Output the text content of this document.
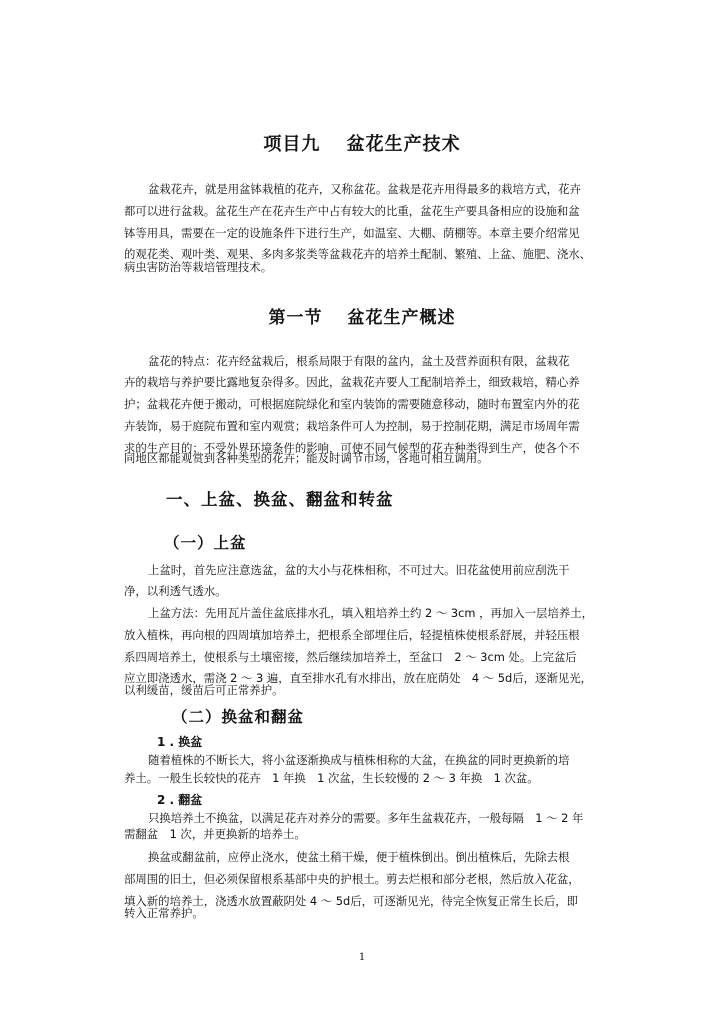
项目九　 盆花生产技术
盆栽花卉，就是用盆钵栽植的花卉，又称盆花。盆栽是花卉用得最多的栽培方式，花卉
都可以进行盆栽。盆花生产在花卉生产中占有较大的比重，盆花生产要具备相应的设施和盆
钵等用具，需要在一定的设施条件下进行生产，如温室、大棚、荫棚等。本章主要介绍常见
的观花类、观叶类、观果、多肉多浆类等盆栽花卉的培养土配制、繁殖、上盆、施肥、浇水、
病虫害防治等栽培管理技术。
第一节　 盆花生产概述
盆花的特点：花卉经盆栽后，根系局限于有限的盆内，盆土及营养面积有限，盆栽花
卉的栽培与养护要比露地复杂得多。因此，盆栽花卉要人工配制培养土，细致栽培，精心养
护；盆栽花卉便于搬动，可根据庭院绿化和室内装饰的需要随意移动，随时布置室内外的花
卉装饰，易于庭院布置和室内观赏；栽培条件可人为控制，易于控制花期，满足市场周年需
求的生产目的；不受外界环境条件的影响，可使不同气候型的花卉种类得到生产，使各个不
同地区都能观赏到各种类型的花卉；能及时调节市场，各地可相互调用。
一、上盆、换盆、翻盆和转盆
（一）上盆
上盆时，首先应注意选盆，盆的大小与花株相称，不可过大。旧花盆使用前应刮洗干
净，以利透气透水。
上盆方法：先用瓦片盖住盆底排水孔，填入粗培养土约 2 ～ 3cm ，再加入一层培养土，
放入植株，再向根的四周填加培养土，把根系全部埋住后，轻提植株使根系舒展，并轻压根
系四周培养土，使根系与土壤密接，然后继续加培养土，至盆口　2 ～ 3cm 处。上完盆后
应立即浇透水，需浇 2 ～ 3 遍，直至排水孔有水排出，放在庇荫处　4 ～ 5d后，逐渐见光，
以利缓苗，缓苗后可正常养护。
（二）换盆和翻盆
1 . 换盆
随着植株的不断长大，将小盆逐渐换成与植株相称的大盆，在换盆的同时更换新的培
养土。一般生长较快的花卉　1 年换　1 次盆，生长较慢的 2 ～ 3 年换　1 次盆。
2 . 翻盆
只换培养土不换盆，以满足花卉对养分的需要。多年生盆栽花卉，一般每隔　1 ～ 2 年
需翻盆　1 次，并更换新的培养土。
换盆或翻盆前，应停止浇水，使盆土稍干燥，便于植株倒出。倒出植株后，先除去根
部周围的旧土，但必须保留根系基部中央的护根土。剪去烂根和部分老根，然后放入花盆，
填入新的培养土，浇透水放置蔽阴处 4 ～ 5d后，可逐渐见光，待完全恢复正常生长后，即
转入正常养护。
1
